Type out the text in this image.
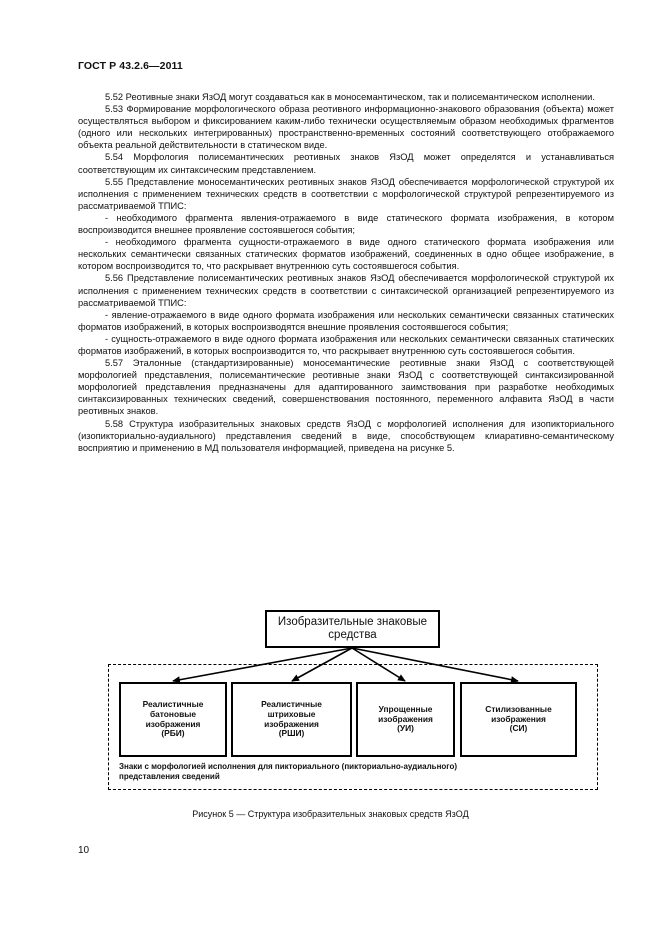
ГОСТ Р 43.2.6—2011

5.52 Реотивные знаки ЯзОД могут создаваться как в моносемантическом, так и полисемантическом исполнении.

5.53 Формирование морфологического образа реотивного информационно-знакового образования (объекта) может осуществляться выбором и фиксированием каким-либо технически осуществляемым образом необходимых фрагментов (одного или нескольких интегрированных) пространственно-временных состояний соответствующего отображаемого объекта реальной действительности в статическом виде.

5.54 Морфология полисемантических реотивных знаков ЯзОД может определятся и устанавливаться соответствующим их синтаксическим представлением.

5.55 Представление моносемантических реотивных знаков ЯзОД обеспечивается морфологической структурой их исполнения с применением технических средств в соответствии с морфологической структурой репрезентируемого из рассматриваемой ТПИС:

- необходимого фрагмента явления-отражаемого в виде статического формата изображения, в котором воспроизводится внешнее проявление состоявшегося события;

- необходимого фрагмента сущности-отражаемого в виде одного статического формата изображения или нескольких семантически связанных статических форматов изображений, соединенных в одно общее изображение, в котором воспроизводится то, что раскрывает внутреннюю суть состоявшегося события.

5.56 Представление полисемантических реотивных знаков ЯзОД обеспечивается морфологической структурой их исполнения с применением технических средств в соответствии с синтаксической организацией репрезентируемого из рассматриваемой ТПИС:

- явление-отражаемого в виде одного формата изображения или нескольких семантически связанных статических форматов изображений, в которых воспроизводятся внешние проявления состоявшегося события;

- сущность-отражаемого в виде одного формата изображения или нескольких семантически связанных статических форматов изображений, в которых воспроизводится то, что раскрывает внутреннюю суть состоявшегося события.

5.57 Эталонные (стандартизированные) моносемантические реотивные знаки ЯзОД с соответствующей морфологией представления, полисемантические реотивные знаки ЯзОД с соответствующей синтаксизированной морфологией представления предназначены для адаптированного заимствования при разработке необходимых синтаксизированных технических сведений, совершенствования постоянного, переменного алфавита ЯзОД в части реотивных знаков.

5.58 Структура изобразительных знаковых средств ЯзОД с морфологией исполнения для изопикториального (изопикториально-аудиального) представления сведений в виде, способствующем клиаративно-семантическому восприятию и применению в МД пользователя информацией, приведена на рисунке 5.

Изобразительные знаковые средства
Реалистичные
батоновые
изображения
(РБИ)
Реалистичные
штриховые
изображения
(РШИ)
Упрощенные
изображения
(УИ)
Стилизованные
изображения
(СИ)
Знаки с морфологией исполнения для пикториального (пикториально-аудиального) представления сведений
Рисунок 5 — Структура изобразительных знаковых средств ЯзОД
10
